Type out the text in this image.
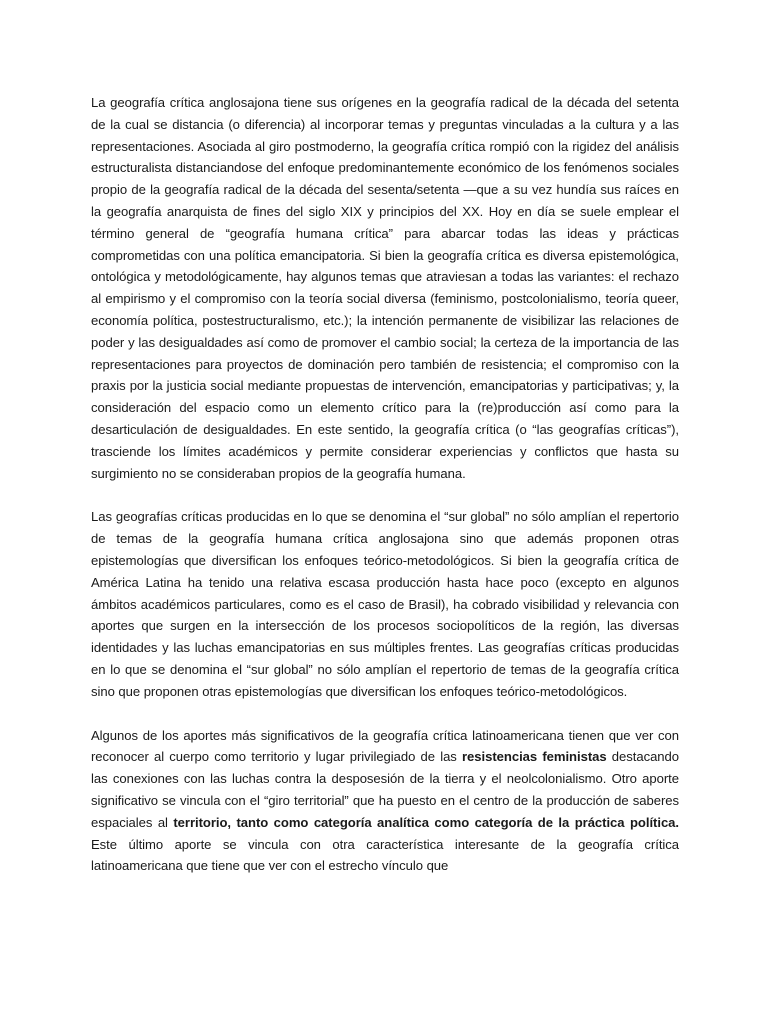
La geografía crítica anglosajona tiene sus orígenes en la geografía radical de la década del setenta de la cual se distancia (o diferencia) al incorporar temas y preguntas vinculadas a la cultura y a las representaciones. Asociada al giro postmoderno, la geografía crítica rompió con la rigidez del análisis estructuralista distanciandose del enfoque predominantemente económico de los fenómenos sociales propio de la geografía radical de la década del sesenta/setenta —que a su vez hundía sus raíces en la geografía anarquista de fines del siglo XIX y principios del XX. Hoy en día se suele emplear el término general de “geografía humana crítica” para abarcar todas las ideas y prácticas comprometidas con una política emancipatoria. Si bien la geografía crítica es diversa epistemológica, ontológica y metodológicamente, hay algunos temas que atraviesan a todas las variantes: el rechazo al empirismo y el compromiso con la teoría social diversa (feminismo, postcolonialismo, teoría queer, economía política, postestructuralismo, etc.); la intención permanente de visibilizar las relaciones de poder y las desigualdades así como de promover el cambio social; la certeza de la importancia de las representaciones para proyectos de dominación pero también de resistencia; el compromiso con la praxis por la justicia social mediante propuestas de intervención, emancipatorias y participativas; y, la consideración del espacio como un elemento crítico para la (re)producción así como para la desarticulación de desigualdades. En este sentido, la geografía crítica (o “las geografías críticas”), trasciende los límites académicos y permite considerar experiencias y conflictos que hasta su surgimiento no se consideraban propios de la geografía humana.

Las geografías críticas producidas en lo que se denomina el “sur global” no sólo amplían el repertorio de temas de la geografía humana crítica anglosajona sino que además proponen otras epistemologías que diversifican los enfoques teórico-metodológicos. Si bien la geografía crítica de América Latina ha tenido una relativa escasa producción hasta hace poco (excepto en algunos ámbitos académicos particulares, como es el caso de Brasil), ha cobrado visibilidad y relevancia con aportes que surgen en la intersección de los procesos sociopolíticos de la región, las diversas identidades y las luchas emancipatorias en sus múltiples frentes. Las geografías críticas producidas en lo que se denomina el “sur global” no sólo amplían el repertorio de temas de la geografía crítica sino que proponen otras epistemologías que diversifican los enfoques teórico-metodológicos.

Algunos de los aportes más significativos de la geografía crítica latinoamericana tienen que ver con reconocer al cuerpo como territorio y lugar privilegiado de las resistencias feministas destacando las conexiones con las luchas contra la desposesión de la tierra y el neolcolonialismo. Otro aporte significativo se vincula con el “giro territorial” que ha puesto en el centro de la producción de saberes espaciales al territorio, tanto como categoría analítica como categoría de la práctica política. Este último aporte se vincula con otra característica interesante de la geografía crítica latinoamericana que tiene que ver con el estrecho vínculo que
